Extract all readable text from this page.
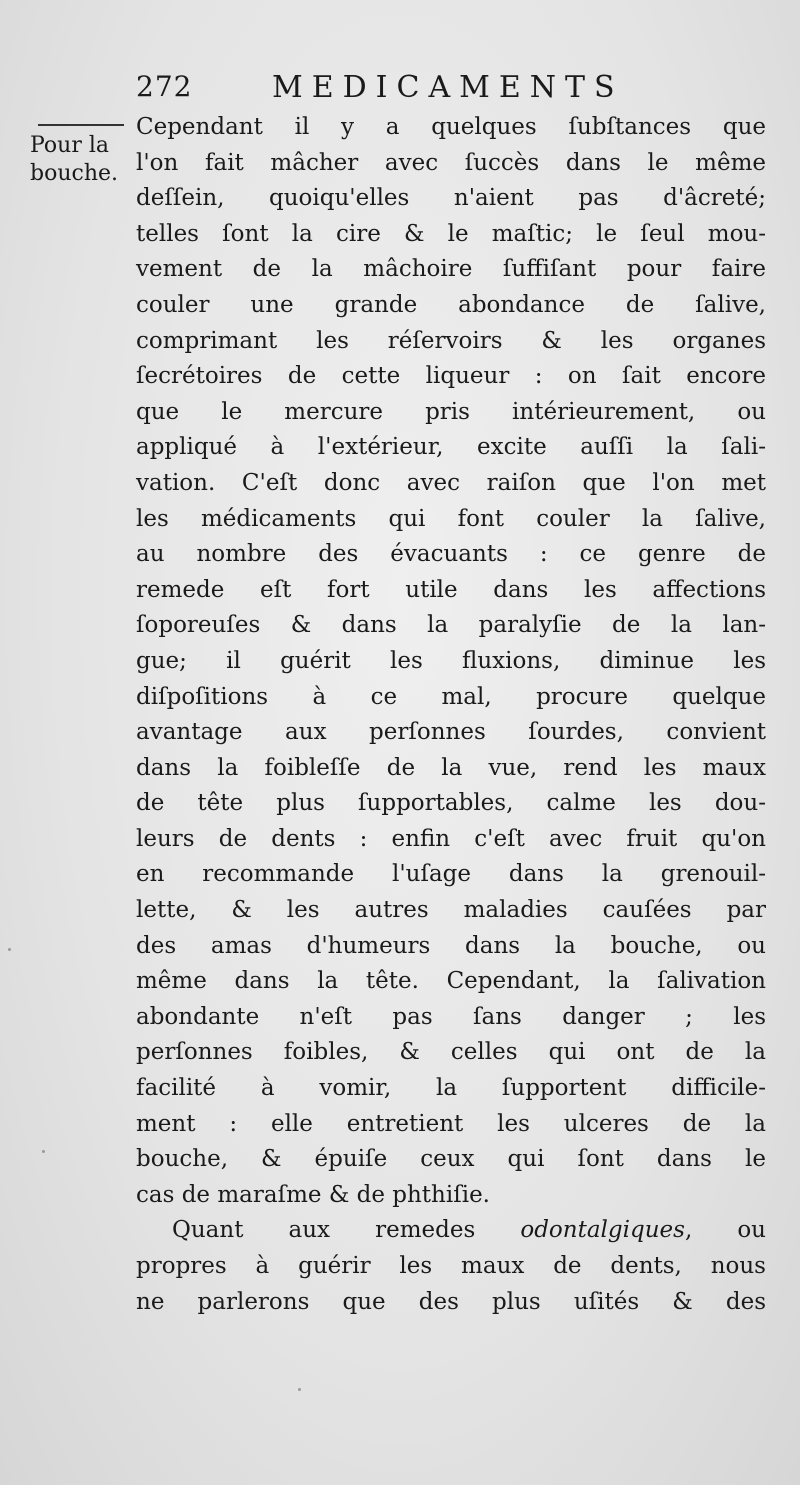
272	MEDICAMENTS
Pour la
bouche.
Cependant il y a quelques ſubſtances que
l'on fait mâcher avec ſuccès dans le même
deſſein, quoiqu'elles n'aient pas d'âcreté;
telles ſont la cire & le maſtic; le ſeul mou-
vement de la mâchoire ſuffiſant pour faire
couler une grande abondance de ſalive,
comprimant les réſervoirs & les organes
ſecrétoires de cette liqueur : on ſait encore
que le mercure pris intérieurement, ou
appliqué à l'extérieur, excite auſſi la ſali-
vation. C'eſt donc avec raiſon que l'on met
les médicaments qui font couler la ſalive,
au nombre des évacuants : ce genre de
remede eſt fort utile dans les affections
ſoporeuſes & dans la paralyſie de la lan-
gue; il guérit les fluxions, diminue les
diſpoſitions à ce mal, procure quelque
avantage aux perſonnes ſourdes, convient
dans la foibleſſe de la vue, rend les maux
de tête plus ſupportables, calme les dou-
leurs de dents : enfin c'eſt avec fruit qu'on
en recommande l'uſage dans la grenouil-
lette, & les autres maladies cauſées par
des amas d'humeurs dans la bouche, ou
même dans la tête. Cependant, la ſalivation
abondante n'eſt pas ſans danger ; les
perſonnes foibles, & celles qui ont de la
facilité à vomir, la ſupportent difficile-
ment : elle entretient les ulceres de la
bouche, & épuiſe ceux qui ſont dans le
cas de maraſme & de phthiſie.
Quant aux remedes odontalgiques, ou
propres à guérir les maux de dents, nous
ne parlerons que des plus uſités & des
